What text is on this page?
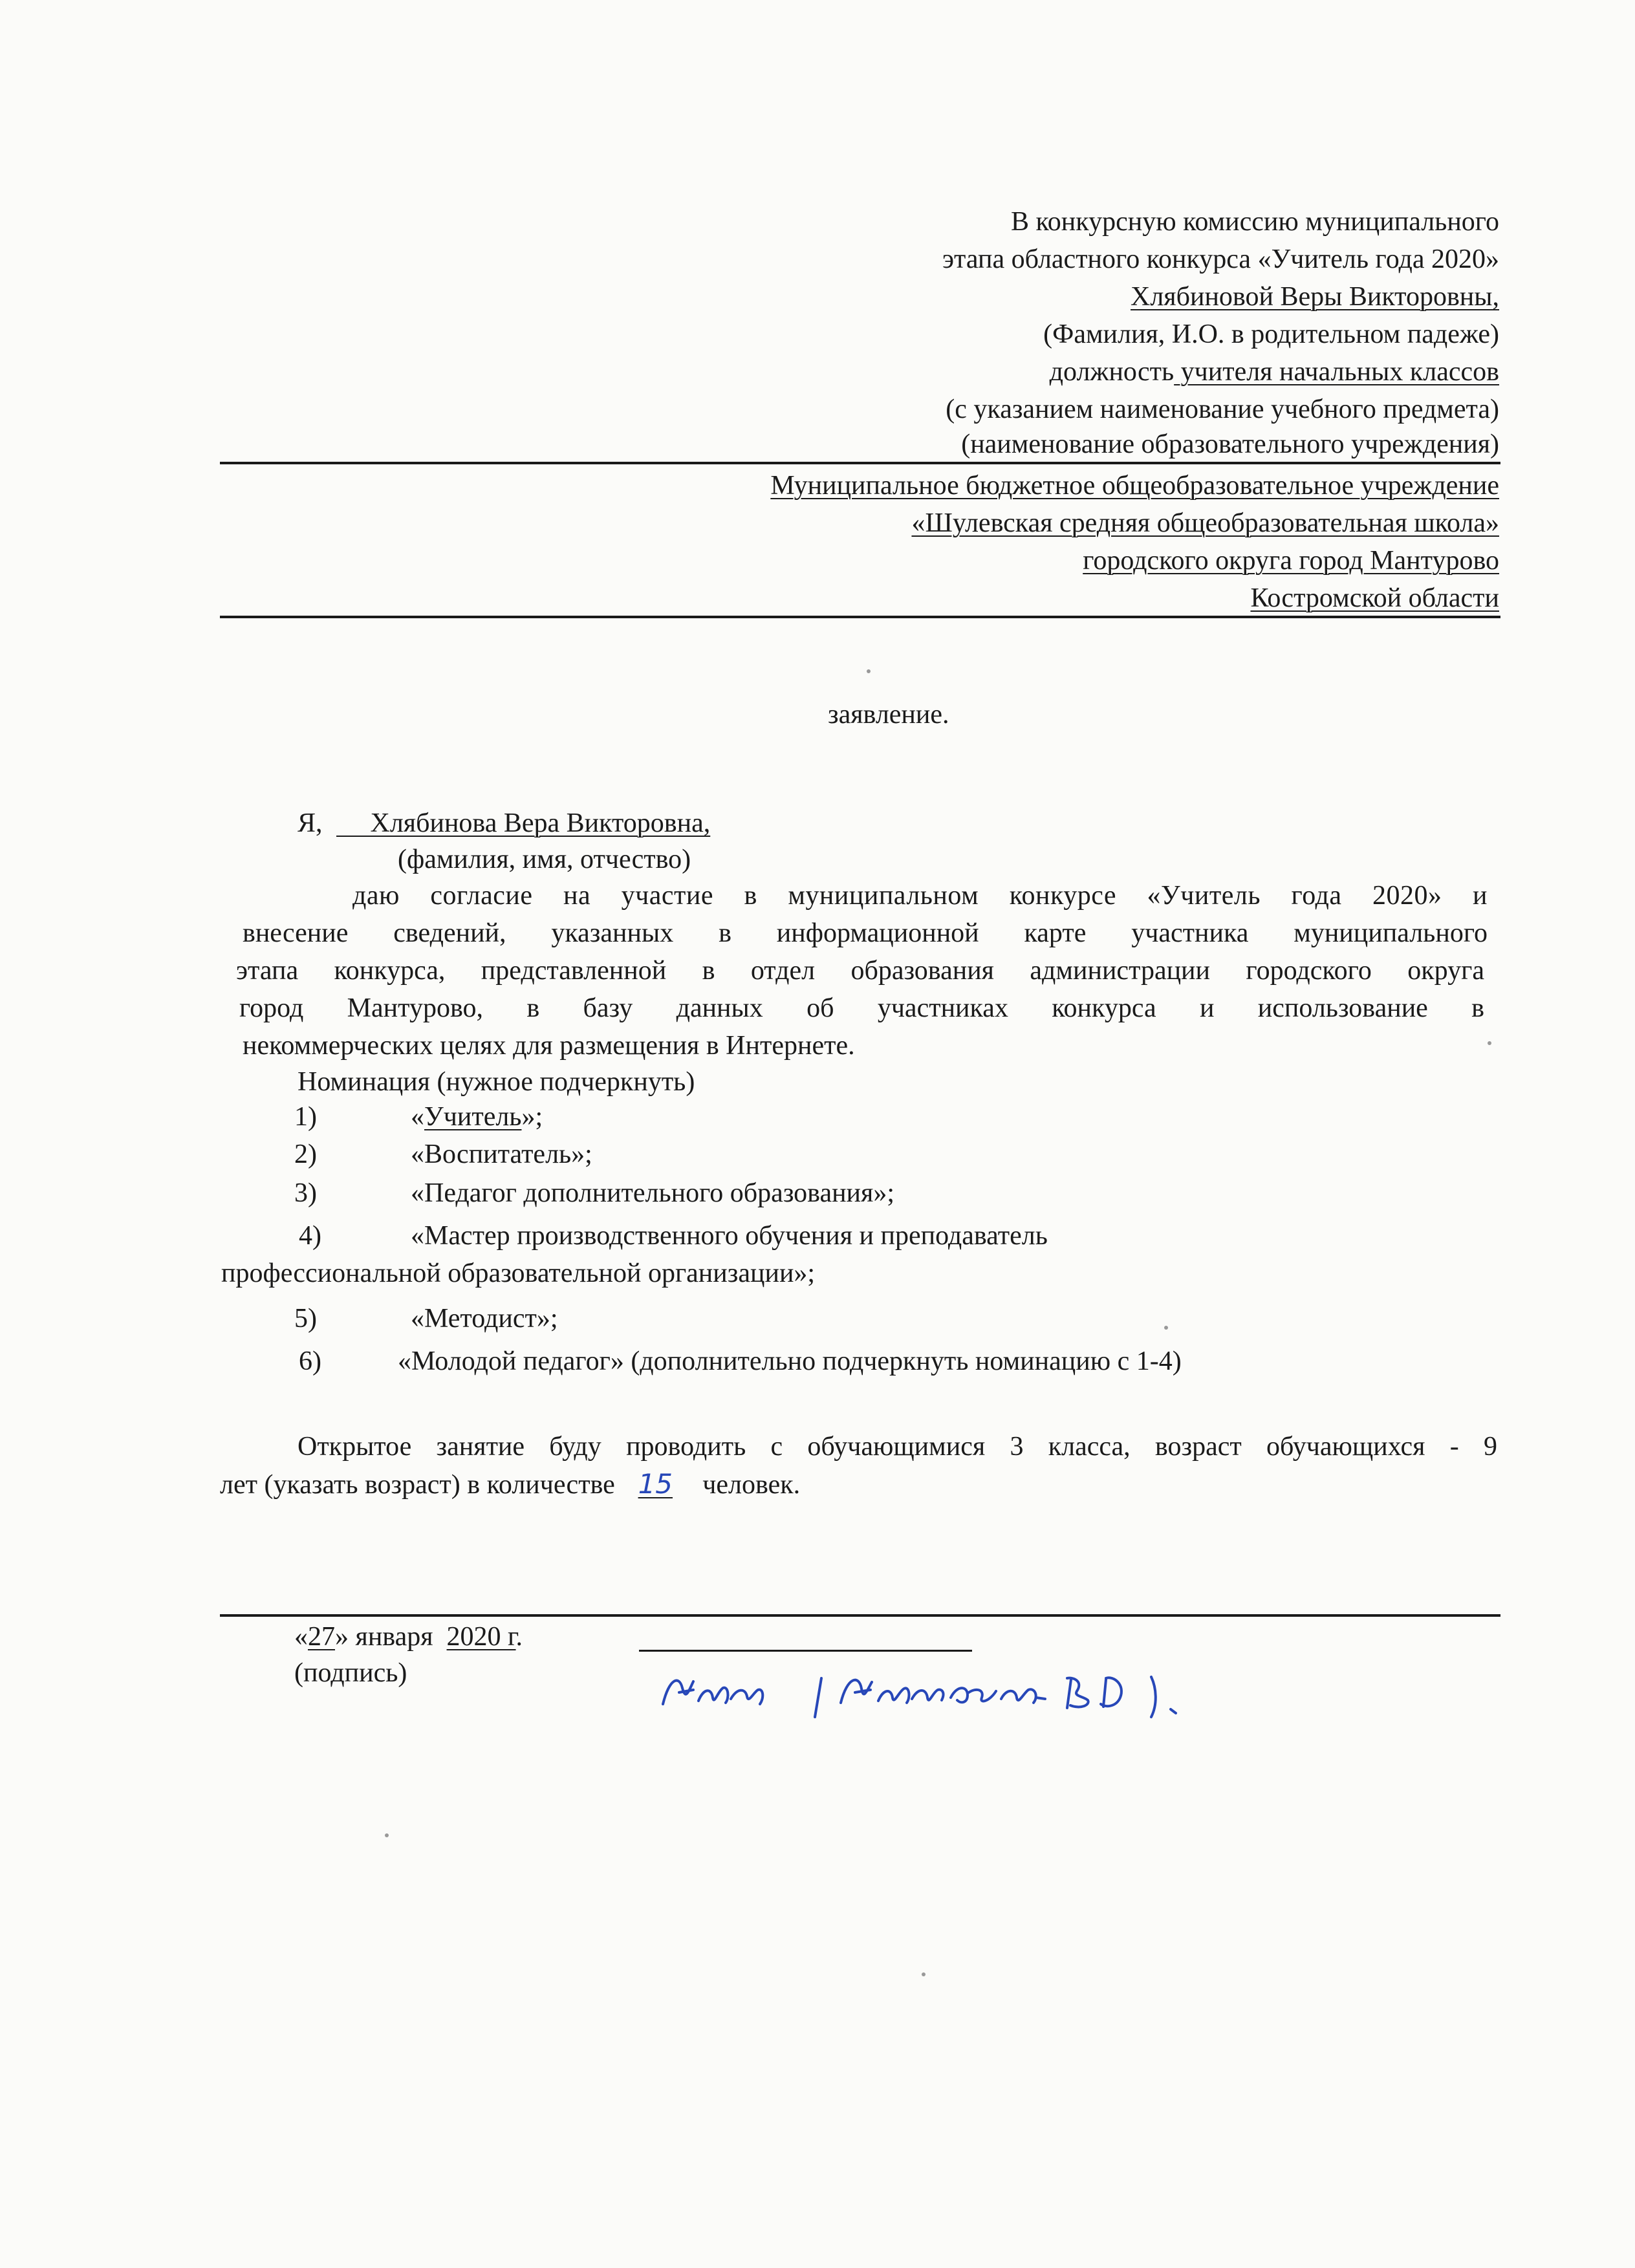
В конкурсную комиссию муниципального
этапа областного конкурса «Учитель года 2020»
Хлябиновой Веры Викторовны,
(Фамилия, И.О. в родительном падеже)
должность учителя начальных классов
(с указанием наименование учебного предмета)
(наименование образовательного учреждения)
Муниципальное бюджетное общеобразовательное учреждение
«Шулевская средняя общеобразовательная школа»
городского округа город Мантурово
Костромской области
заявление.
Я, Хлябинова Вера Викторовна,
(фамилия, имя, отчество)
даю согласие на участие в муниципальном конкурсе «Учитель года 2020» и
внесение сведений, указанных в информационной карте участника муниципального
этапа конкурса, представленной в отдел образования администрации городского округа
город Мантурово, в базу данных об участниках конкурса и использование в
некоммерческих целях для размещения в Интернете.
Номинация (нужное подчеркнуть)
1)	«Учитель»;
2)	«Воспитатель»;
3)	«Педагог дополнительного образования»;
4)	«Мастер производственного обучения и преподаватель
профессиональной образовательной организации»;
5)	«Методист»;
6)	«Молодой педагог» (дополнительно подчеркнуть номинацию с 1-4)
Открытое занятие буду проводить с обучающимися 3 класса, возраст обучающихся - 9
лет (указать возраст) в количестве 15 человек.
«27» января  2020 г.
(подпись)
